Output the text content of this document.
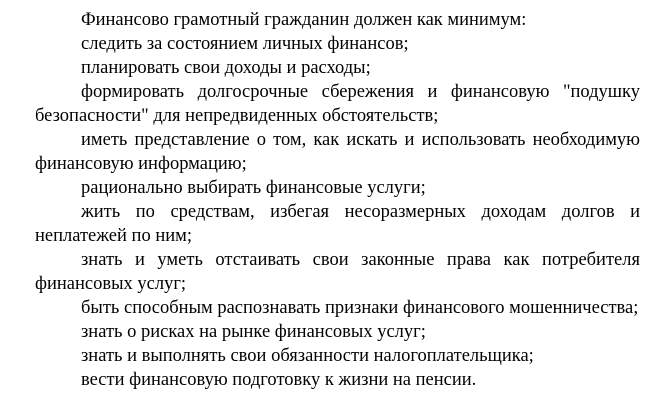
Финансово грамотный гражданин должен как минимум:

следить за состоянием личных финансов;

планировать свои доходы и расходы;

формировать долгосрочные сбережения и финансовую "подушку безопасности" для непредвиденных обстоятельств;

иметь представление о том, как искать и использовать необходимую финансовую информацию;

рационально выбирать финансовые услуги;

жить по средствам, избегая несоразмерных доходам долгов и неплатежей по ним;

знать и уметь отстаивать свои законные права как потребителя финансовых услуг;

быть способным распознавать признаки финансового мошенничества;

знать о рисках на рынке финансовых услуг;

знать и выполнять свои обязанности налогоплательщика;

вести финансовую подготовку к жизни на пенсии.
